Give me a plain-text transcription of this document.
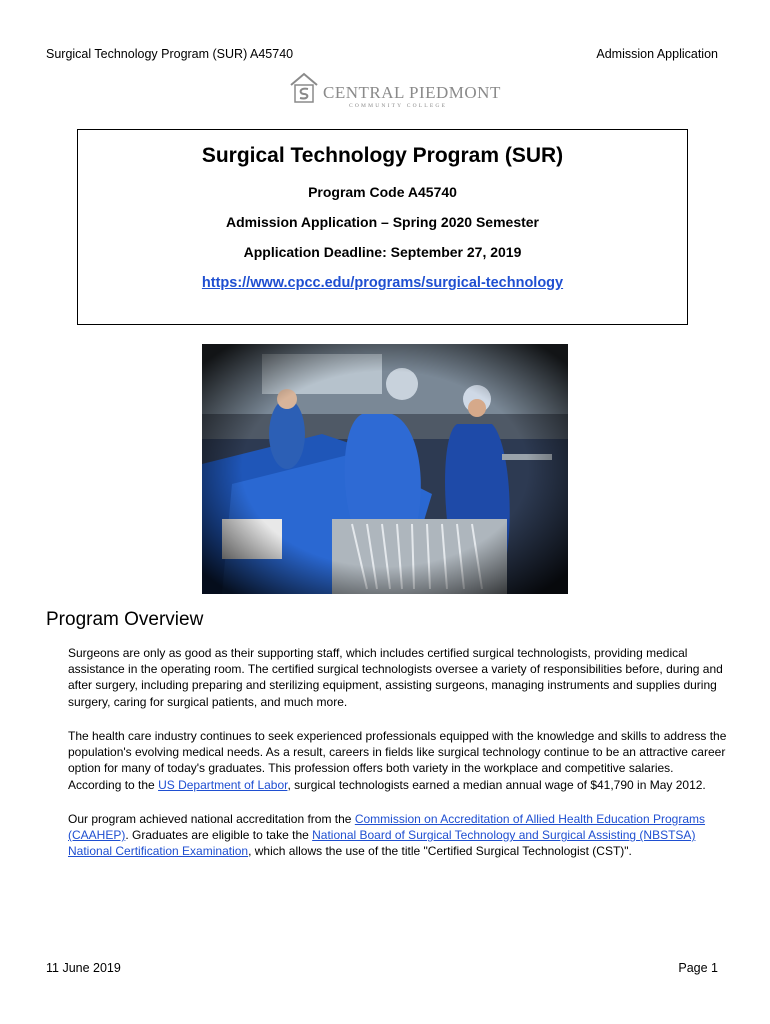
Surgical Technology Program (SUR) A45740	Admission Application
CENTRAL PIEDMONT
COMMUNITY COLLEGE
Surgical Technology Program (SUR)
Program Code A45740
Admission Application – Spring 2020 Semester
Application Deadline: September 27, 2019
https://www.cpcc.edu/programs/surgical-technology
Program Overview

Surgeons are only as good as their supporting staff, which includes certified surgical technologists, providing medical assistance in the operating room. The certified surgical technologists oversee a variety of responsibilities before, during and after surgery, including preparing and sterilizing equipment, assisting surgeons, managing instruments and supplies during surgery, caring for surgical patients, and much more.

The health care industry continues to seek experienced professionals equipped with the knowledge and skills to address the population's evolving medical needs. As a result, careers in fields like surgical technology continue to be an attractive career option for many of today's graduates. This profession offers both variety in the workplace and competitive salaries. According to the US Department of Labor, surgical technologists earned a median annual wage of $41,790 in May 2012.

Our program achieved national accreditation from the Commission on Accreditation of Allied Health Education Programs (CAAHEP). Graduates are eligible to take the National Board of Surgical Technology and Surgical Assisting (NBSTSA) National Certification Examination, which allows the use of the title "Certified Surgical Technologist (CST)".

11 June 2019	Page 1
